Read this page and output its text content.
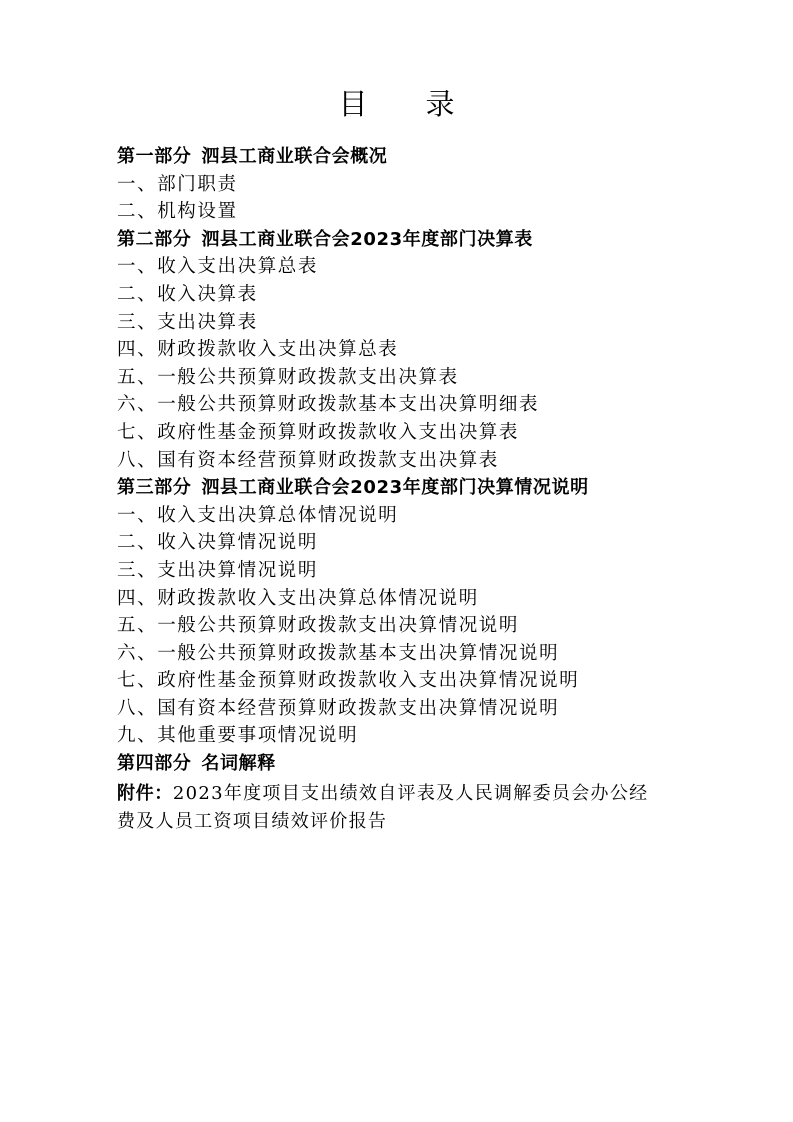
目 录
第一部分 泗县工商业联合会概况
一、部门职责
二、机构设置
第二部分 泗县工商业联合会2023年度部门决算表
一、收入支出决算总表
二、收入决算表
三、支出决算表
四、财政拨款收入支出决算总表
五、一般公共预算财政拨款支出决算表
六、一般公共预算财政拨款基本支出决算明细表
七、政府性基金预算财政拨款收入支出决算表
八、国有资本经营预算财政拨款支出决算表
第三部分 泗县工商业联合会2023年度部门决算情况说明
一、收入支出决算总体情况说明
二、收入决算情况说明
三、支出决算情况说明
四、财政拨款收入支出决算总体情况说明
五、一般公共预算财政拨款支出决算情况说明
六、一般公共预算财政拨款基本支出决算情况说明
七、政府性基金预算财政拨款收入支出决算情况说明
八、国有资本经营预算财政拨款支出决算情况说明
九、其他重要事项情况说明
第四部分 名词解释
附件：2023年度项目支出绩效自评表及人民调解委员会办公经费及人员工资项目绩效评价报告
